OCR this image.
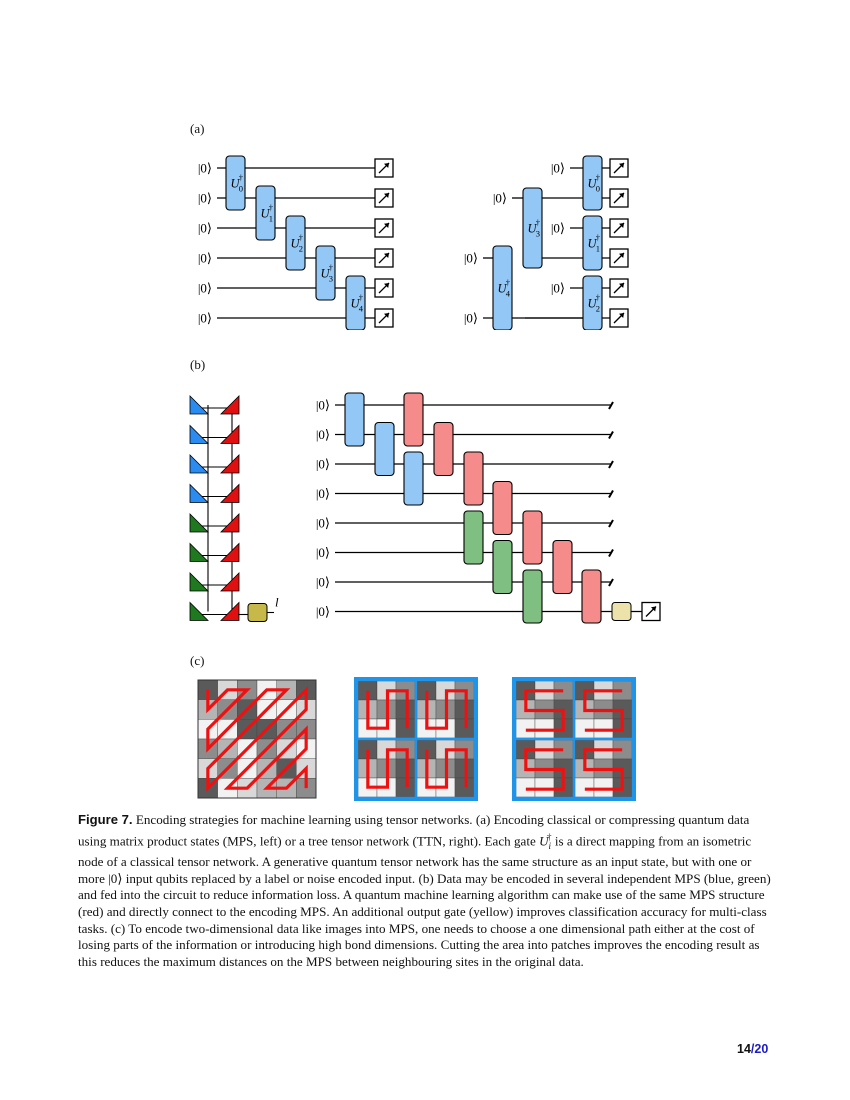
(a)
(b)
(c)
|0⟩
|0⟩
|0⟩
|0⟩
|0⟩
|0⟩
U 0
†
U 1
†
U 2
†
U 3
†
U 4
†
|0⟩
|0⟩
|0⟩
|0⟩
|0⟩
|0⟩
U 4
†
U 3
†
U 0
†
U 1
†
U 2
†
l
|0⟩
|0⟩
|0⟩
|0⟩
|0⟩
|0⟩
|0⟩
|0⟩
Figure 7. Encoding strategies for machine learning using tensor networks. (a) Encoding classical or compressing quantum data using matrix product states (MPS, left) or a tree tensor network (TTN, right). Each gate $U_i^\dagger$ is a direct mapping from an isometric node of a classical tensor network. A generative quantum tensor network has the same structure as an input state, but with one or more |0⟩ input qubits replaced by a label or noise encoded input. (b) Data may be encoded in several independent MPS (blue, green) and fed into the circuit to reduce information loss. A quantum machine learning algorithm can make use of the same MPS structure (red) and directly connect to the encoding MPS. An additional output gate (yellow) improves classification accuracy for multi-class tasks. (c) To encode two-dimensional data like images into MPS, one needs to choose a one dimensional path either at the cost of losing parts of the information or introducing high bond dimensions. Cutting the area into patches improves the encoding result as this reduces the maximum distances on the MPS between neighbouring sites in the original data.
14/20
